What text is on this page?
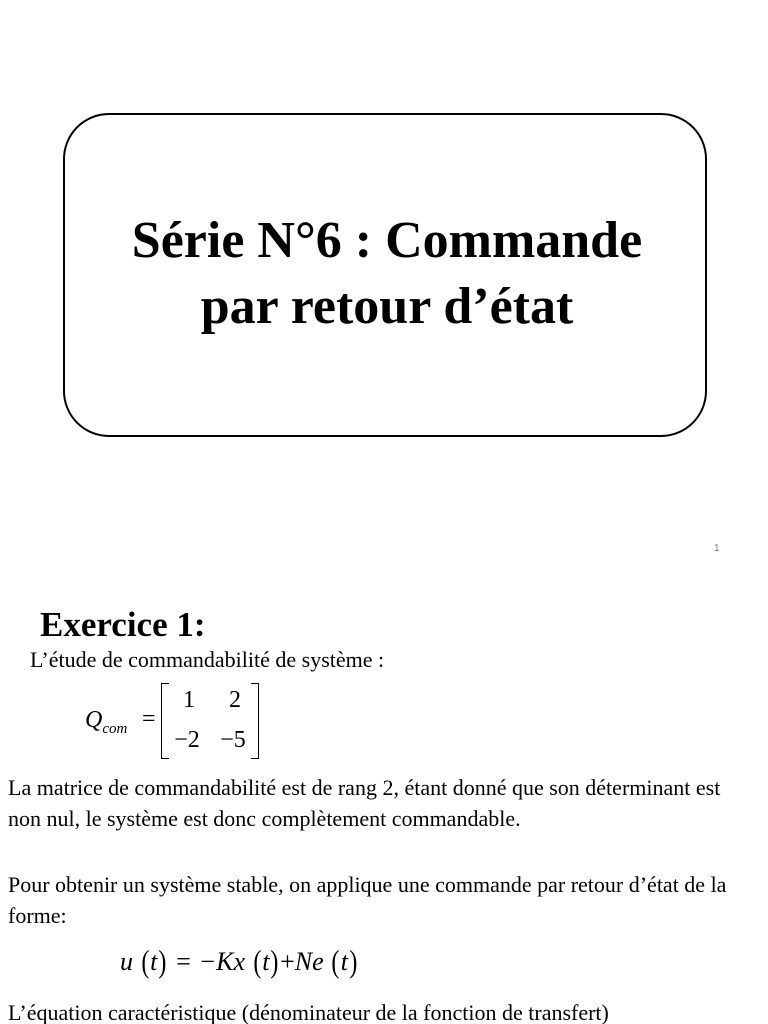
Série N°6 : Commande
par retour d’état
1
Exercice 1:
L’étude de commandabilité de système :
$Q_{com}$ =
1	2
−2 −5
La matrice de commandabilité est de rang 2, étant donné que son déterminant est non nul, le système est donc complètement commandable.
Pour obtenir un système stable, on applique une commande par retour d’état de la forme:
u (t) = −Kx (t)+Ne (t)
L’équation caractéristique (dénominateur de la fonction de transfert)
